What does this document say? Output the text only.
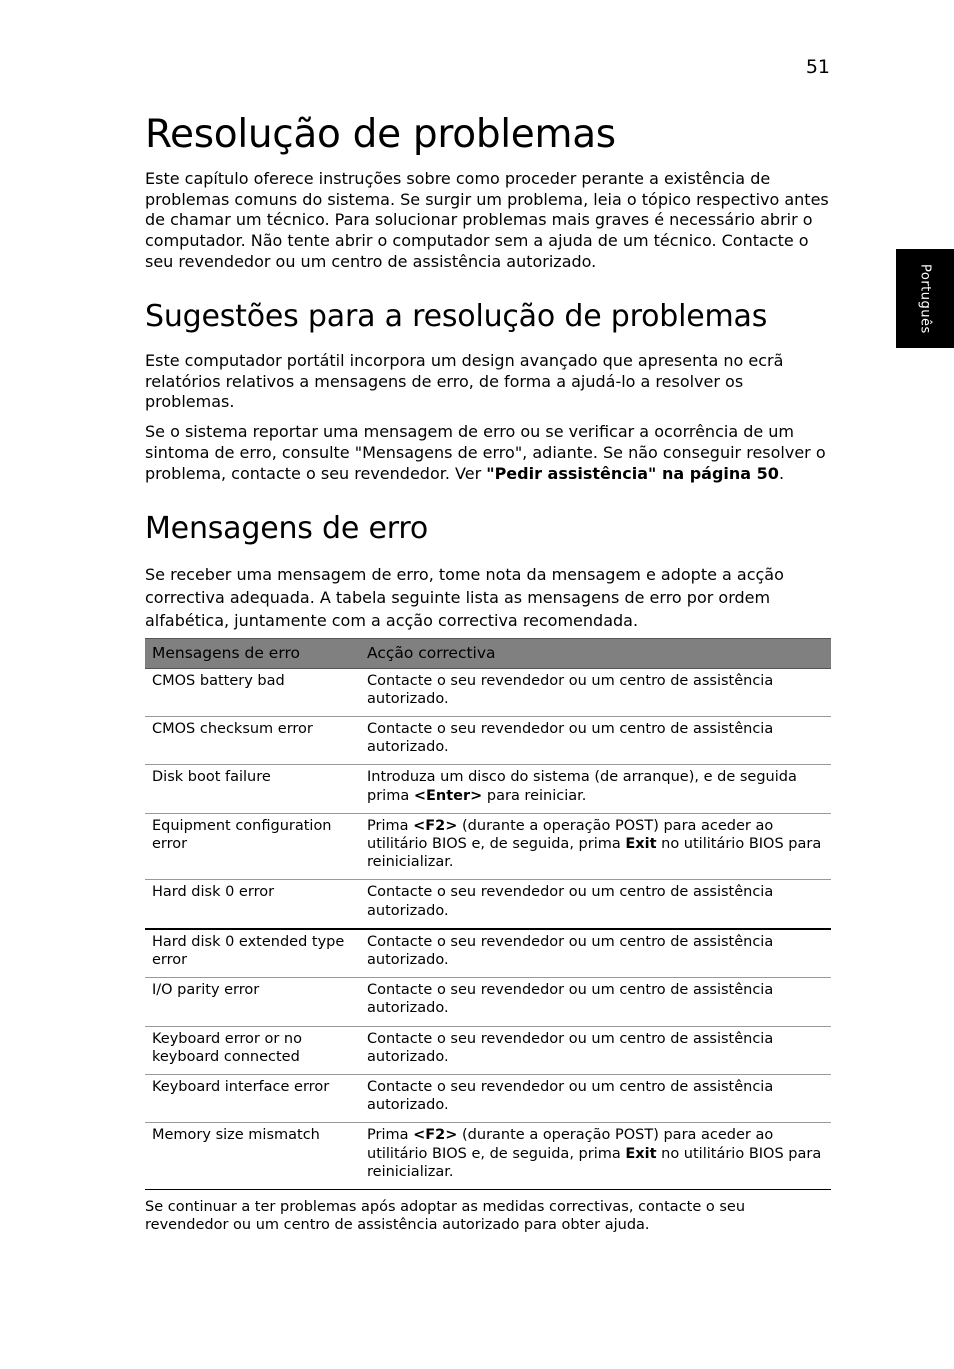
51
Português
Resolução de problemas

Este capítulo oferece instruções sobre como proceder perante a existência de problemas comuns do sistema. Se surgir um problema, leia o tópico respectivo antes de chamar um técnico. Para solucionar problemas mais graves é necessário abrir o computador. Não tente abrir o computador sem a ajuda de um técnico. Contacte o seu revendedor ou um centro de assistência autorizado.

Sugestões para a resolução de problemas

Este computador portátil incorpora um design avançado que apresenta no ecrã relatórios relativos a mensagens de erro, de forma a ajudá-lo a resolver os problemas.

Se o sistema reportar uma mensagem de erro ou se verificar a ocorrência de um sintoma de erro, consulte "Mensagens de erro", adiante. Se não conseguir resolver o problema, contacte o seu revendedor. Ver "Pedir assistência" na página 50.

Mensagens de erro

Se receber uma mensagem de erro, tome nota da mensagem e adopte a acção correctiva adequada. A tabela seguinte lista as mensagens de erro por ordem alfabética, juntamente com a acção correctiva recomendada.

Mensagens de erro	Acção correctiva
CMOS battery bad	Contacte o seu revendedor ou um centro de assistência autorizado.
CMOS checksum error	Contacte o seu revendedor ou um centro de assistência autorizado.
Disk boot failure	Introduza um disco do sistema (de arranque), e de seguida prima <Enter> para reiniciar.
Equipment configuration error	Prima <F2> (durante a operação POST) para aceder ao utilitário BIOS e, de seguida, prima Exit no utilitário BIOS para reinicializar.
Hard disk 0 error	Contacte o seu revendedor ou um centro de assistência autorizado.
Hard disk 0 extended type error	Contacte o seu revendedor ou um centro de assistência autorizado.
I/O parity error	Contacte o seu revendedor ou um centro de assistência autorizado.
Keyboard error or no keyboard connected	Contacte o seu revendedor ou um centro de assistência autorizado.
Keyboard interface error	Contacte o seu revendedor ou um centro de assistência autorizado.
Memory size mismatch	Prima <F2> (durante a operação POST) para aceder ao utilitário BIOS e, de seguida, prima Exit no utilitário BIOS para reinicializar.
Se continuar a ter problemas após adoptar as medidas correctivas, contacte o seu revendedor ou um centro de assistência autorizado para obter ajuda.
